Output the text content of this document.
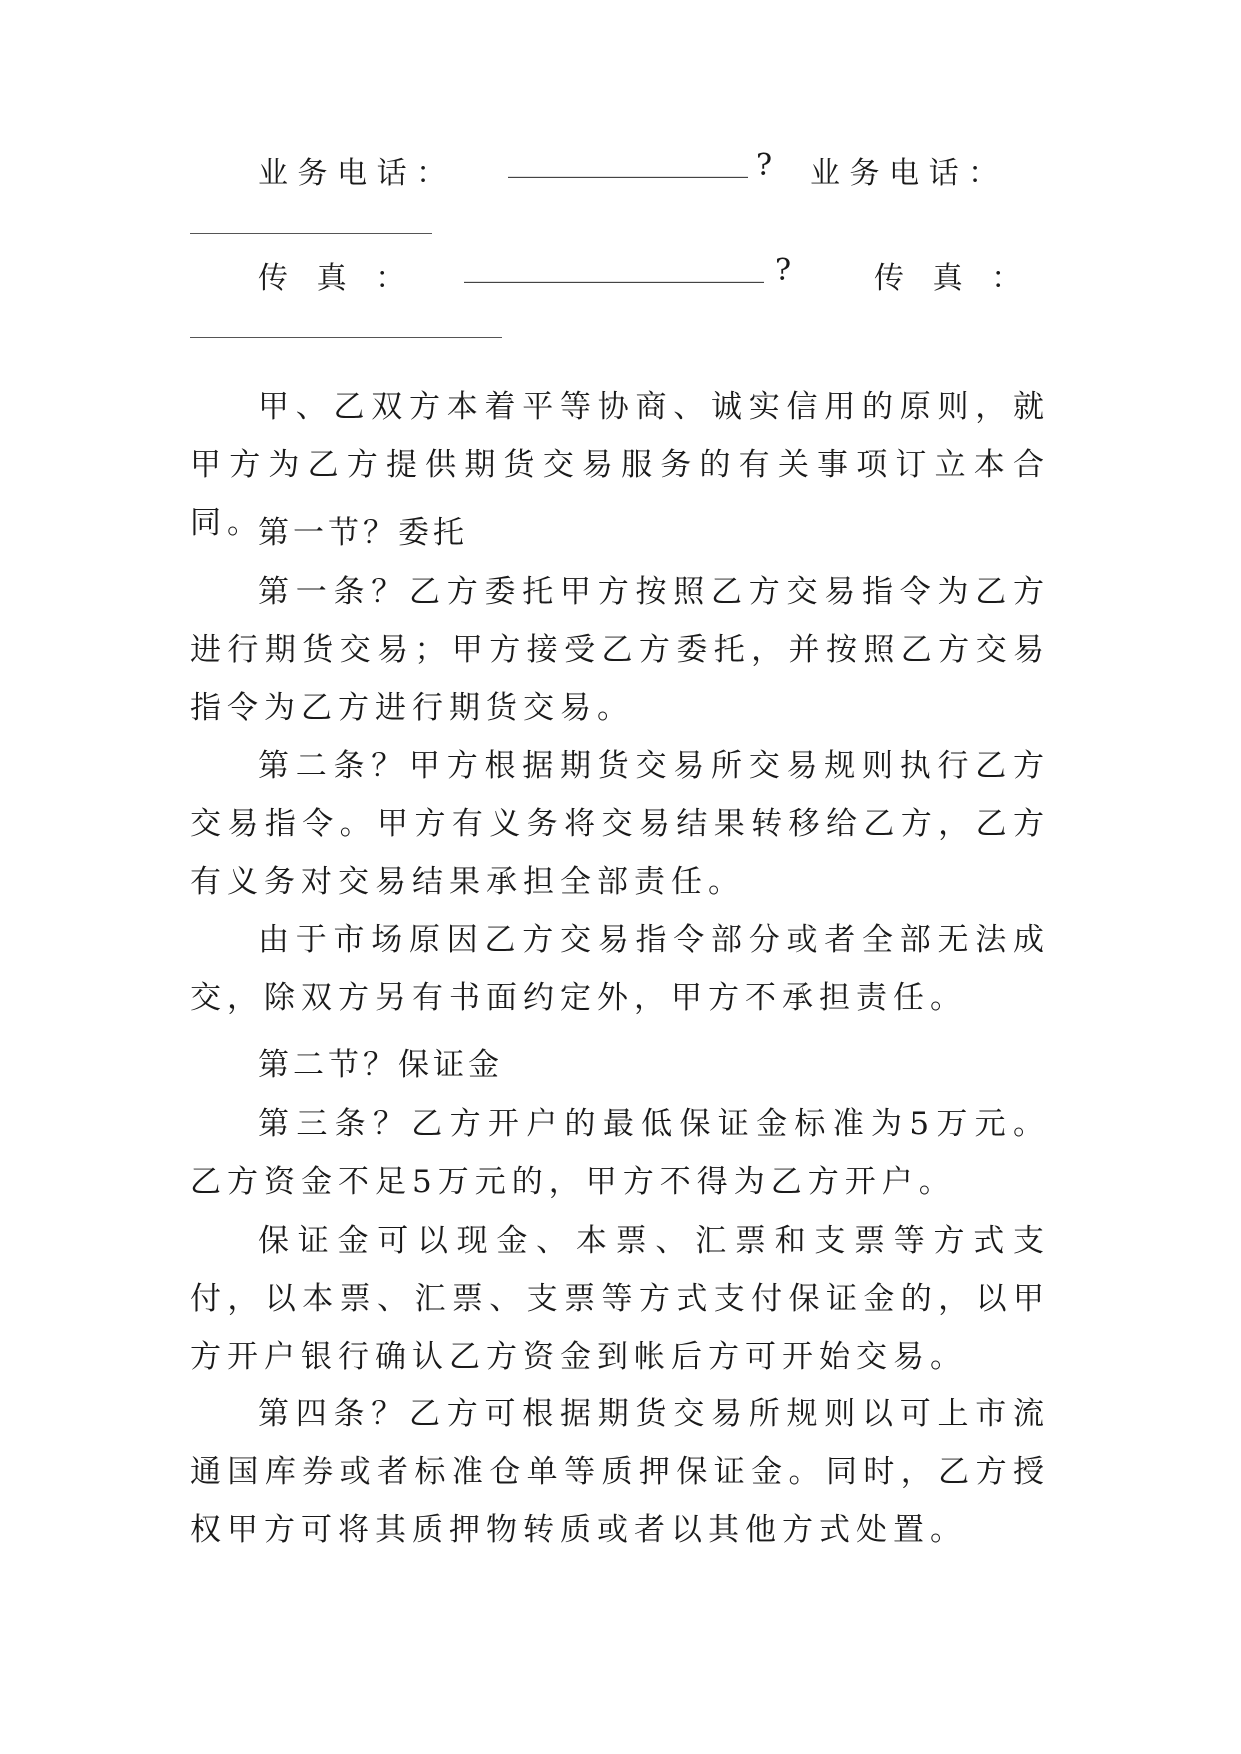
业 务 电 话 ： ________________ ? 业 务 电 话 ：
传   真   ： ____________________ ?	传   真   ：

甲、乙双方本着平等协商、诚实信用的原则，就甲方为乙方提供期货交易服务的有关事项订立本合同。

第一节？委托

第一条？乙方委托甲方按照乙方交易指令为乙方进行期货交易；甲方接受乙方委托，并按照乙方交易指令为乙方进行期货交易。

第二条？甲方根据期货交易所交易规则执行乙方交易指令。甲方有义务将交易结果转移给乙方，乙方有义务对交易结果承担全部责任。

由于市场原因乙方交易指令部分或者全部无法成交，除双方另有书面约定外，甲方不承担责任。

第二节？保证金

第三条？乙方开户的最低保证金标准为5万元。乙方资金不足5万元的，甲方不得为乙方开户。

保证金可以现金、本票、汇票和支票等方式支付，以本票、汇票、支票等方式支付保证金的，以甲方开户银行确认乙方资金到帐后方可开始交易。

第四条？乙方可根据期货交易所规则以可上市流通国库券或者标准仓单等质押保证金。同时，乙方授权甲方可将其质押物转质或者以其他方式处置。
